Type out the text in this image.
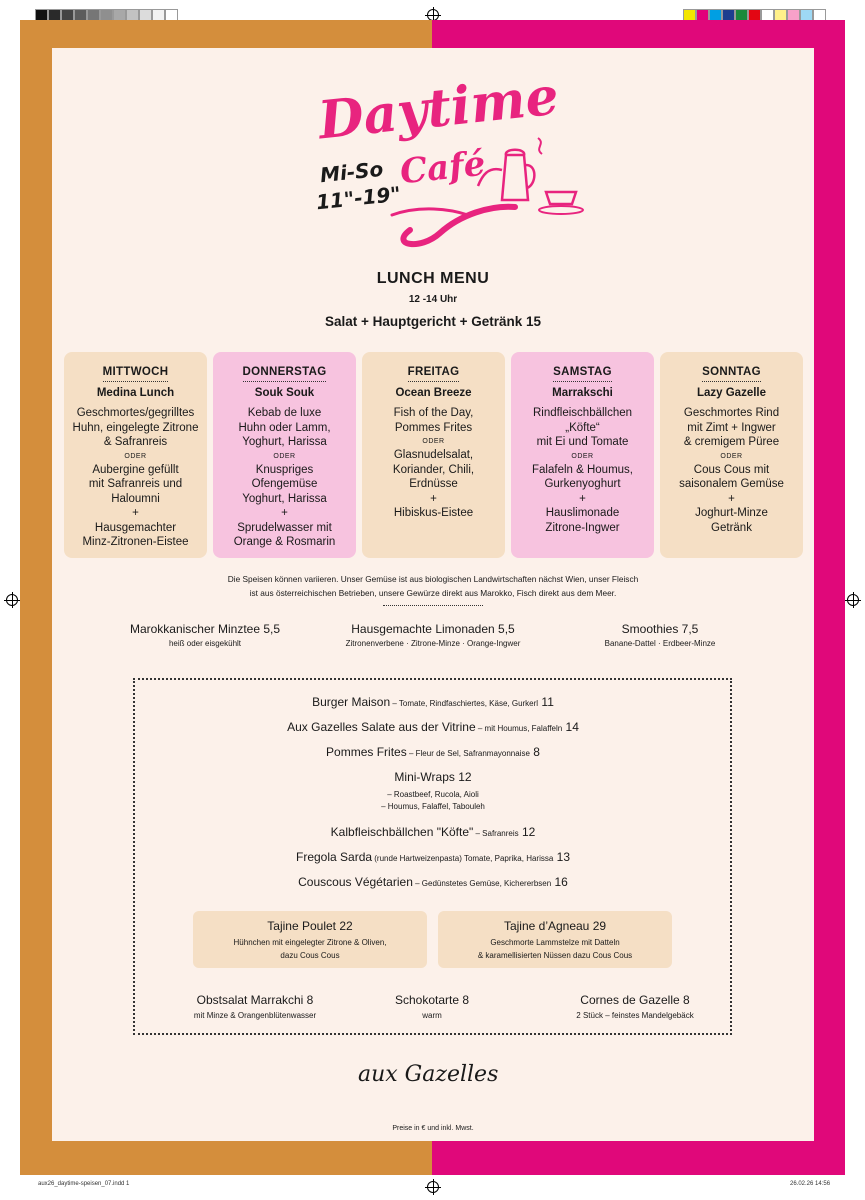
Daytime
Café
Mi-So
11"-19"
LUNCH MENU
12 -14 Uhr
Salat + Hauptgericht + Getränk 15
MITTWOCH
Medina Lunch
Geschmortes/gegrilltes
Huhn, eingelegte Zitrone
& Safranreis
ODER
Aubergine gefüllt
mit Safranreis und
Haloumni
+
Hausgemachter
Minz-Zitronen-Eistee
DONNERSTAG
Souk Souk
Kebab de luxe
Huhn oder Lamm,
Yoghurt, Harissa
ODER
Knuspriges
Ofengemüse
Yoghurt, Harissa
+
Sprudelwasser mit
Orange & Rosmarin
FREITAG
Ocean Breeze
Fish of the Day,
Pommes Frites
ODER
Glasnudelsalat,
Koriander, Chili,
Erdnüsse
+
Hibiskus-Eistee
SAMSTAG
Marrakschi
Rindfleischbällchen
„Köfte“
mit Ei und Tomate
ODER
Falafeln & Houmus,
Gurkenyoghurt
+
Hauslimonade
Zitrone-Ingwer
SONNTAG
Lazy Gazelle
Geschmortes Rind
mit Zimt + Ingwer
& cremigem Püree
ODER
Cous Cous mit
saisonalem Gemüse
+
Joghurt-Minze
Getränk
Die Speisen können variieren. Unser Gemüse ist aus biologischen Landwirtschaften nächst Wien, unser Fleisch
ist aus österreichischen Betrieben, unsere Gewürze direkt aus Marokko, Fisch direkt aus dem Meer.
Marokkanischer Minztee 5,5
heiß oder eisgekühlt
Hausgemachte Limonaden 5,5
Zitronenverbene · Zitrone-Minze · Orange-Ingwer
Smoothies 7,5
Banane-Dattel · Erdbeer-Minze
Burger Maison – Tomate, Rindfaschiertes, Käse, Gurkerl 11
Aux Gazelles Salate aus der Vitrine – mit Houmus, Falaffeln 14
Pommes Frites – Fleur de Sel, Safranmayonnaise 8
Mini-Wraps 12
– Roastbeef, Rucola, Aioli
– Houmus, Falaffel, Tabouleh
Kalbfleischbällchen "Köfte" – Safranreis 12
Fregola Sarda (runde Hartweizenpasta) Tomate, Paprika, Harissa 13
Couscous Végétarien – Gedünstetes Gemüse, Kichererbsen 16
Tajine Poulet 22
Hühnchen mit eingelegter Zitrone & Oliven,
dazu Cous Cous
Tajine d’Agneau 29
Geschmorte Lammstelze mit Datteln
& karamellisierten Nüssen dazu Cous Cous
Obstsalat Marrakchi 8
mit Minze & Orangenblütenwasser
Schokotarte 8
warm
Cornes de Gazelle 8
2 Stück – feinstes Mandelgebäck
aux Gazelles
Preise in € und inkl. Mwst.
aux26_daytime-speisen_07.indd 1	26.02.26 14:56
